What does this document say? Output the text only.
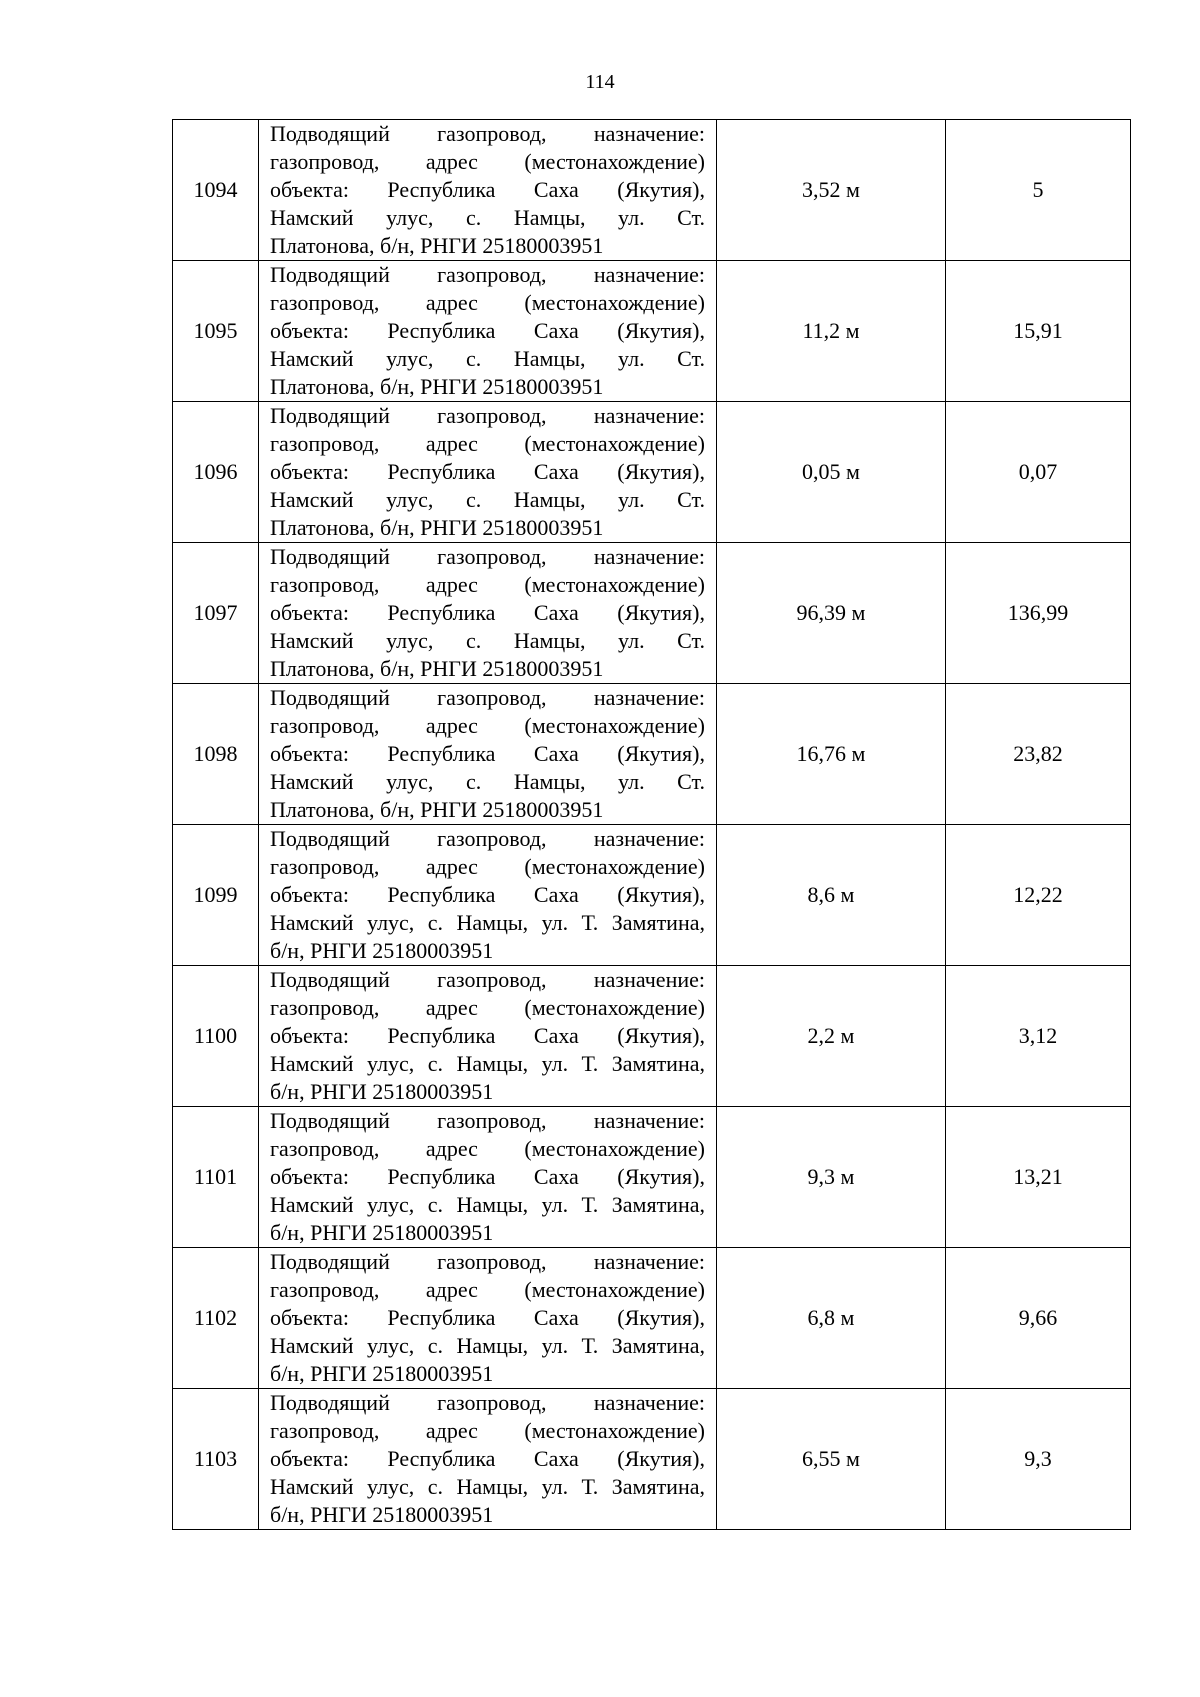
114
1094	Подводящий газопровод, назначение:
газопровод, адрес (местонахождение)
объекта: Республика Саха (Якутия),
Намский улус, с. Намцы, ул. Ст.
Платонова, б/н, РНГИ 25180003951	3,52 м	5
1095	Подводящий газопровод, назначение:
газопровод, адрес (местонахождение)
объекта: Республика Саха (Якутия),
Намский улус, с. Намцы, ул. Ст.
Платонова, б/н, РНГИ 25180003951	11,2 м	15,91
1096	Подводящий газопровод, назначение:
газопровод, адрес (местонахождение)
объекта: Республика Саха (Якутия),
Намский улус, с. Намцы, ул. Ст.
Платонова, б/н, РНГИ 25180003951	0,05 м	0,07
1097	Подводящий газопровод, назначение:
газопровод, адрес (местонахождение)
объекта: Республика Саха (Якутия),
Намский улус, с. Намцы, ул. Ст.
Платонова, б/н, РНГИ 25180003951	96,39 м	136,99
1098	Подводящий газопровод, назначение:
газопровод, адрес (местонахождение)
объекта: Республика Саха (Якутия),
Намский улус, с. Намцы, ул. Ст.
Платонова, б/н, РНГИ 25180003951	16,76 м	23,82
1099	Подводящий газопровод, назначение:
газопровод, адрес (местонахождение)
объекта: Республика Саха (Якутия),
Намский улус, с. Намцы, ул. Т. Замятина,
б/н, РНГИ 25180003951	8,6 м	12,22
1100	Подводящий газопровод, назначение:
газопровод, адрес (местонахождение)
объекта: Республика Саха (Якутия),
Намский улус, с. Намцы, ул. Т. Замятина,
б/н, РНГИ 25180003951	2,2 м	3,12
1101	Подводящий газопровод, назначение:
газопровод, адрес (местонахождение)
объекта: Республика Саха (Якутия),
Намский улус, с. Намцы, ул. Т. Замятина,
б/н, РНГИ 25180003951	9,3 м	13,21
1102	Подводящий газопровод, назначение:
газопровод, адрес (местонахождение)
объекта: Республика Саха (Якутия),
Намский улус, с. Намцы, ул. Т. Замятина,
б/н, РНГИ 25180003951	6,8 м	9,66
1103	Подводящий газопровод, назначение:
газопровод, адрес (местонахождение)
объекта: Республика Саха (Якутия),
Намский улус, с. Намцы, ул. Т. Замятина,
б/н, РНГИ 25180003951	6,55 м	9,3
